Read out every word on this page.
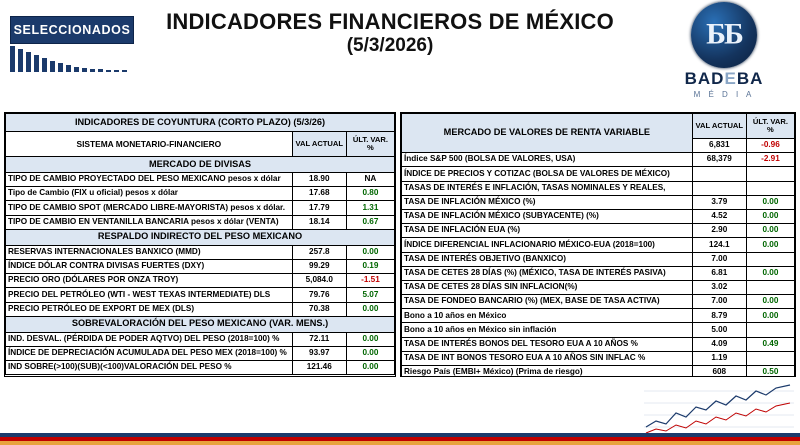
SELECCIONADOS	INDICADORES FINANCIEROS DE MÉXICO
(5/3/2026)	ƂƂ
BADEBA
M É D I A
INDICADORES DE COYUNTURA (CORTO PLAZO) (5/3/26)		
SISTEMA MONETARIO-FINANCIERO	VAL ACTUAL	ÚLT. VAR. %
MERCADO DE DIVISAS		
TIPO DE CAMBIO PROYECTADO DEL PESO MEXICANO pesos x dólar	18.90	NA
Tipo de Cambio (FIX u oficial) pesos x dólar	17.68	0.80
TIPO DE CAMBIO SPOT (MERCADO LIBRE-MAYORISTA) pesos x dólar.	17.79	1.31
TIPO DE CAMBIO EN VENTANILLA BANCARIA pesos x dólar (VENTA)	18.14	0.67
RESPALDO INDIRECTO DEL PESO MEXICANO		
RESERVAS INTERNACIONALES BANXICO (MMD)	257.8	0.00
ÍNDICE DÓLAR CONTRA DIVISAS FUERTES (DXY)	99.29	0.19
PRECIO ORO (DÓLARES POR ONZA TROY)	5,084.0	-1.51
PRECIO DEL PETRÓLEO (WTI - WEST TEXAS INTERMEDIATE) DLS	79.76	5.07
PRECIO PETRÓLEO DE EXPORT DE MEX (DLS)	70.38	0.00
SOBREVALORACIÓN DEL PESO MEXICANO (VAR. MENS.)		
IND. DESVAL. (PÉRDIDA DE PODER AQTVO) DEL PESO (2018=100) %	72.11	0.00
ÍNDICE DE DEPRECIACIÓN ACUMULADA DEL PESO MEX (2018=100) %	93.97	0.00
IND SOBRE(>100)(SUB)(<100)VALORACIÓN DEL PESO %	121.46	0.00
MERCADO DE VALORES DE RENTA VARIABLE	VAL ACTUAL	ÚLT. VAR. %
	6,831	-0.96
Índice S&P 500 (BOLSA DE VALORES, USA)	68,379	-2.91
ÍNDICE DE PRECIOS Y COTIZAC (BOLSA DE VALORES DE MÉXICO)		
TASAS DE INTERÉS E INFLACIÓN, TASAS NOMINALES Y REALES,		
TASA DE INFLACIÓN MÉXICO (%)	3.79	0.00
TASA DE INFLACIÓN MÉXICO (SUBYACENTE) (%)	4.52	0.00
TASA DE INFLACIÓN EUA (%)	2.90	0.00
ÍNDICE DIFERENCIAL INFLACIONARIO MÉXICO-EUA (2018=100)	124.1	0.00
TASA DE INTERÉS OBJETIVO (BANXICO)	7.00	
TASA DE CETES 28 DÍAS (%) (MÉXICO, TASA DE INTERÉS PASIVA)	6.81	0.00
TASA DE CETES 28 DÍAS SIN INFLACION(%)	3.02	
TASA DE FONDEO BANCARIO (%) (MEX, BASE DE TASA ACTIVA)	7.00	0.00
Bono a 10 años en México	8.79	0.00
Bono a 10 años en México sin inflación	5.00	
TASA DE INTERÉS BONOS DEL TESORO EUA A 10 AÑOS %	4.09	0.49
TASA DE INT BONOS TESORO EUA A 10 AÑOS SIN INFLAC %	1.19	
Riesgo País (EMBI+ México) (Prima de riesgo)	608	0.50
